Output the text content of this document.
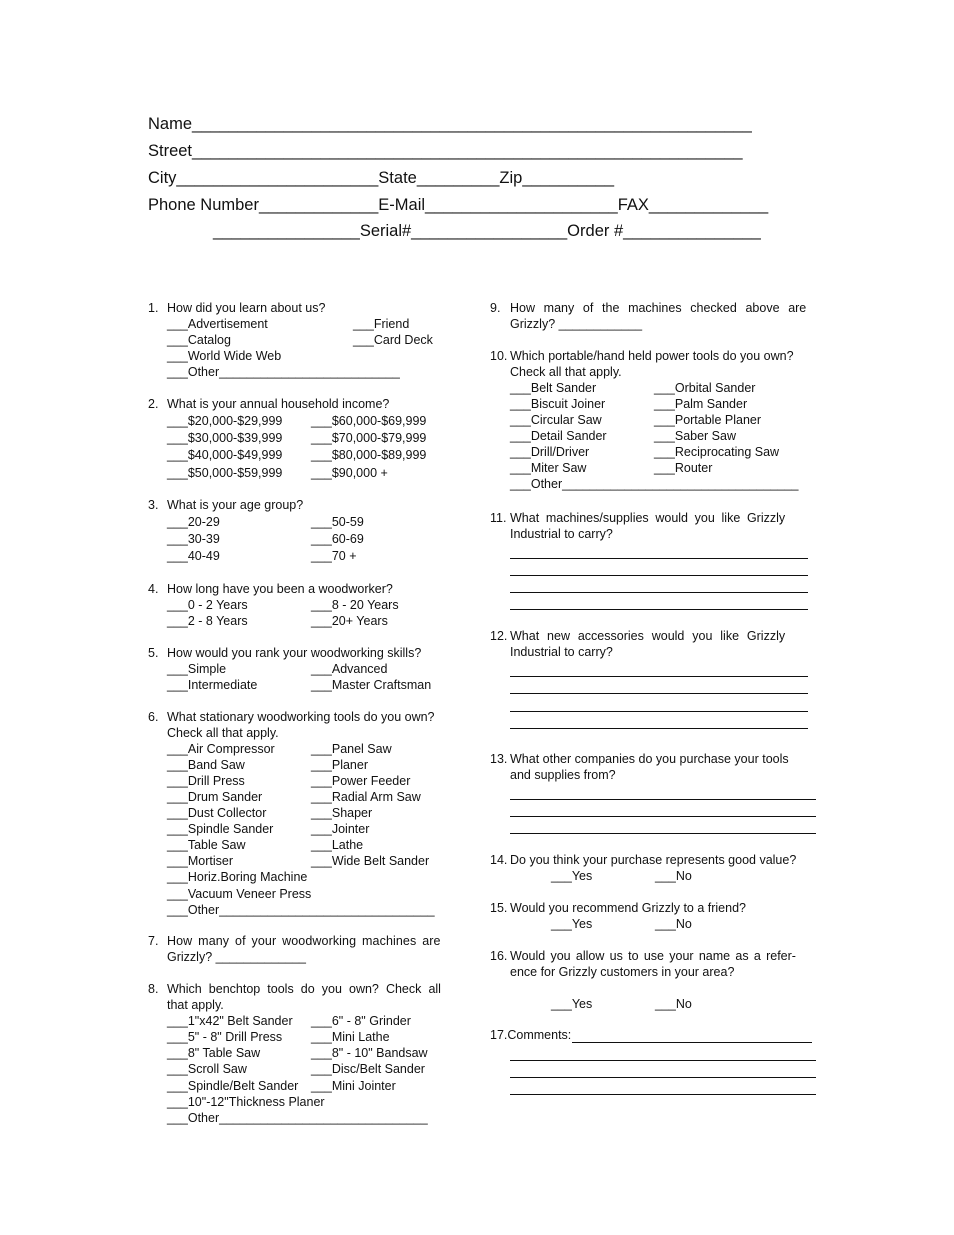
Name_____________________________________________________________
Street____________________________________________________________
City______________________State_________Zip__________
Phone Number_____________E-Mail_____________________FAX_____________
________________Serial#_________________Order #_______________
1. How did you learn about us?
___Advertisement	___Friend
___Catalog	___Card Deck
___World Wide Web
___Other__________________________
2. What is your annual household income?
___$20,000-$29,999	___$60,000-$69,999
___$30,000-$39,999	___$70,000-$79,999
___$40,000-$49,999	___$80,000-$89,999
___$50,000-$59,999	___$90,000 +
3. What is your age group?
___20-29	___50-59
___30-39	___60-69
___40-49	___70 +
4. How long have you been a woodworker?
___0 - 2 Years	___8 - 20 Years
___2 - 8 Years	___20+ Years
5. How would you rank your woodworking skills?
___Simple	___Advanced
___Intermediate	___Master Craftsman
6. What stationary woodworking tools do you own?
Check all that apply.
___Air Compressor	___Panel Saw
___Band Saw	___Planer
___Drill Press	___Power Feeder
___Drum Sander	___Radial Arm Saw
___Dust Collector	___Shaper
___Spindle Sander	___Jointer
___Table Saw	___Lathe
___Mortiser	___Wide Belt Sander
___Horiz.Boring Machine
___Vacuum Veneer Press
___Other_______________________________
7. How many of your woodworking machines are
Grizzly? _____________
8. Which benchtop tools do you own? Check all
that apply.
___1"x42" Belt Sander	___6" - 8" Grinder
___5" - 8" Drill Press	___Mini Lathe
___8" Table Saw	___8" - 10" Bandsaw
___Scroll Saw	___Disc/Belt Sander
___Spindle/Belt Sander	___Mini Jointer
___10"-12"Thickness Planer
___Other______________________________
9. How many of the machines checked above are
Grizzly? ____________
10. Which portable/hand held power tools do you own?
Check all that apply.
___Belt Sander	___Orbital Sander
___Biscuit Joiner	___Palm Sander
___Circular Saw	___Portable Planer
___Detail Sander	___Saber Saw
___Drill/Driver	___Reciprocating Saw
___Miter Saw	___Router
___Other__________________________________
11. What machines/supplies would you like Grizzly
Industrial to carry?
12. What new accessories would you like Grizzly
Industrial to carry?
13. What other companies do you purchase your tools
and supplies from?
14. Do you think your purchase represents good value?
___Yes	___No
15. Would you recommend Grizzly to a friend?
___Yes	___No
16. Would you allow us to use your name as a refer-
ence for Grizzly customers in your area?
___Yes	___No
17.Comments:
